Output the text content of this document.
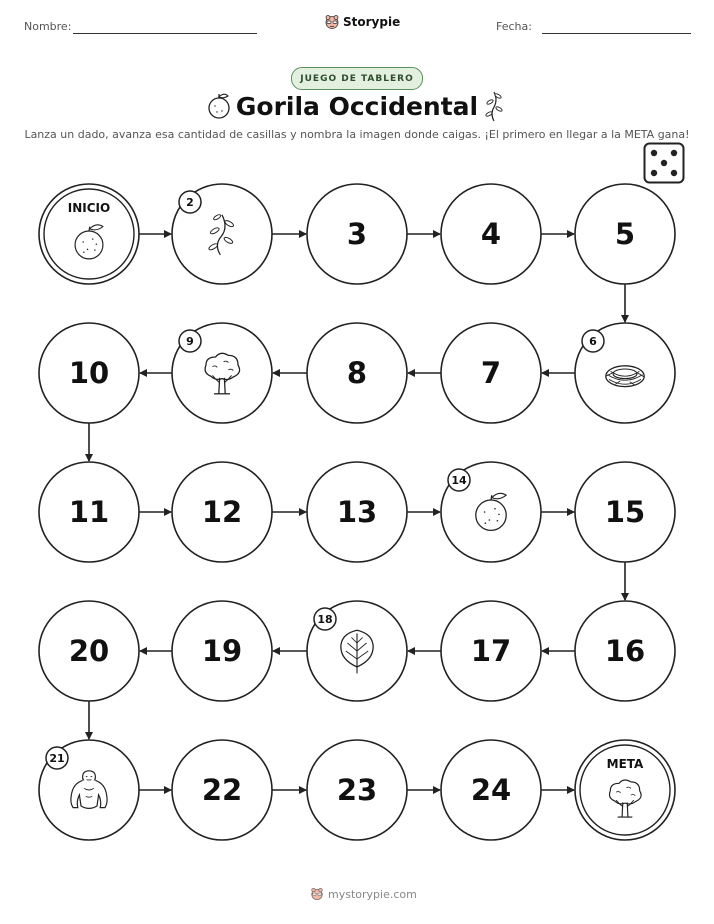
Nombre:	Storypie	Fecha:
JUEGO DE TABLERO
Gorila Occidental
Lanza un dado, avanza esa cantidad de casillas y nombra la imagen donde caigas. ¡El primero en llegar a la META gana!
INICIO	2
3	4	5
6
7
8
9
10
11	12	13
14
15
16
17
18
19
20
21
22	23	24
META
mystorypie.com
